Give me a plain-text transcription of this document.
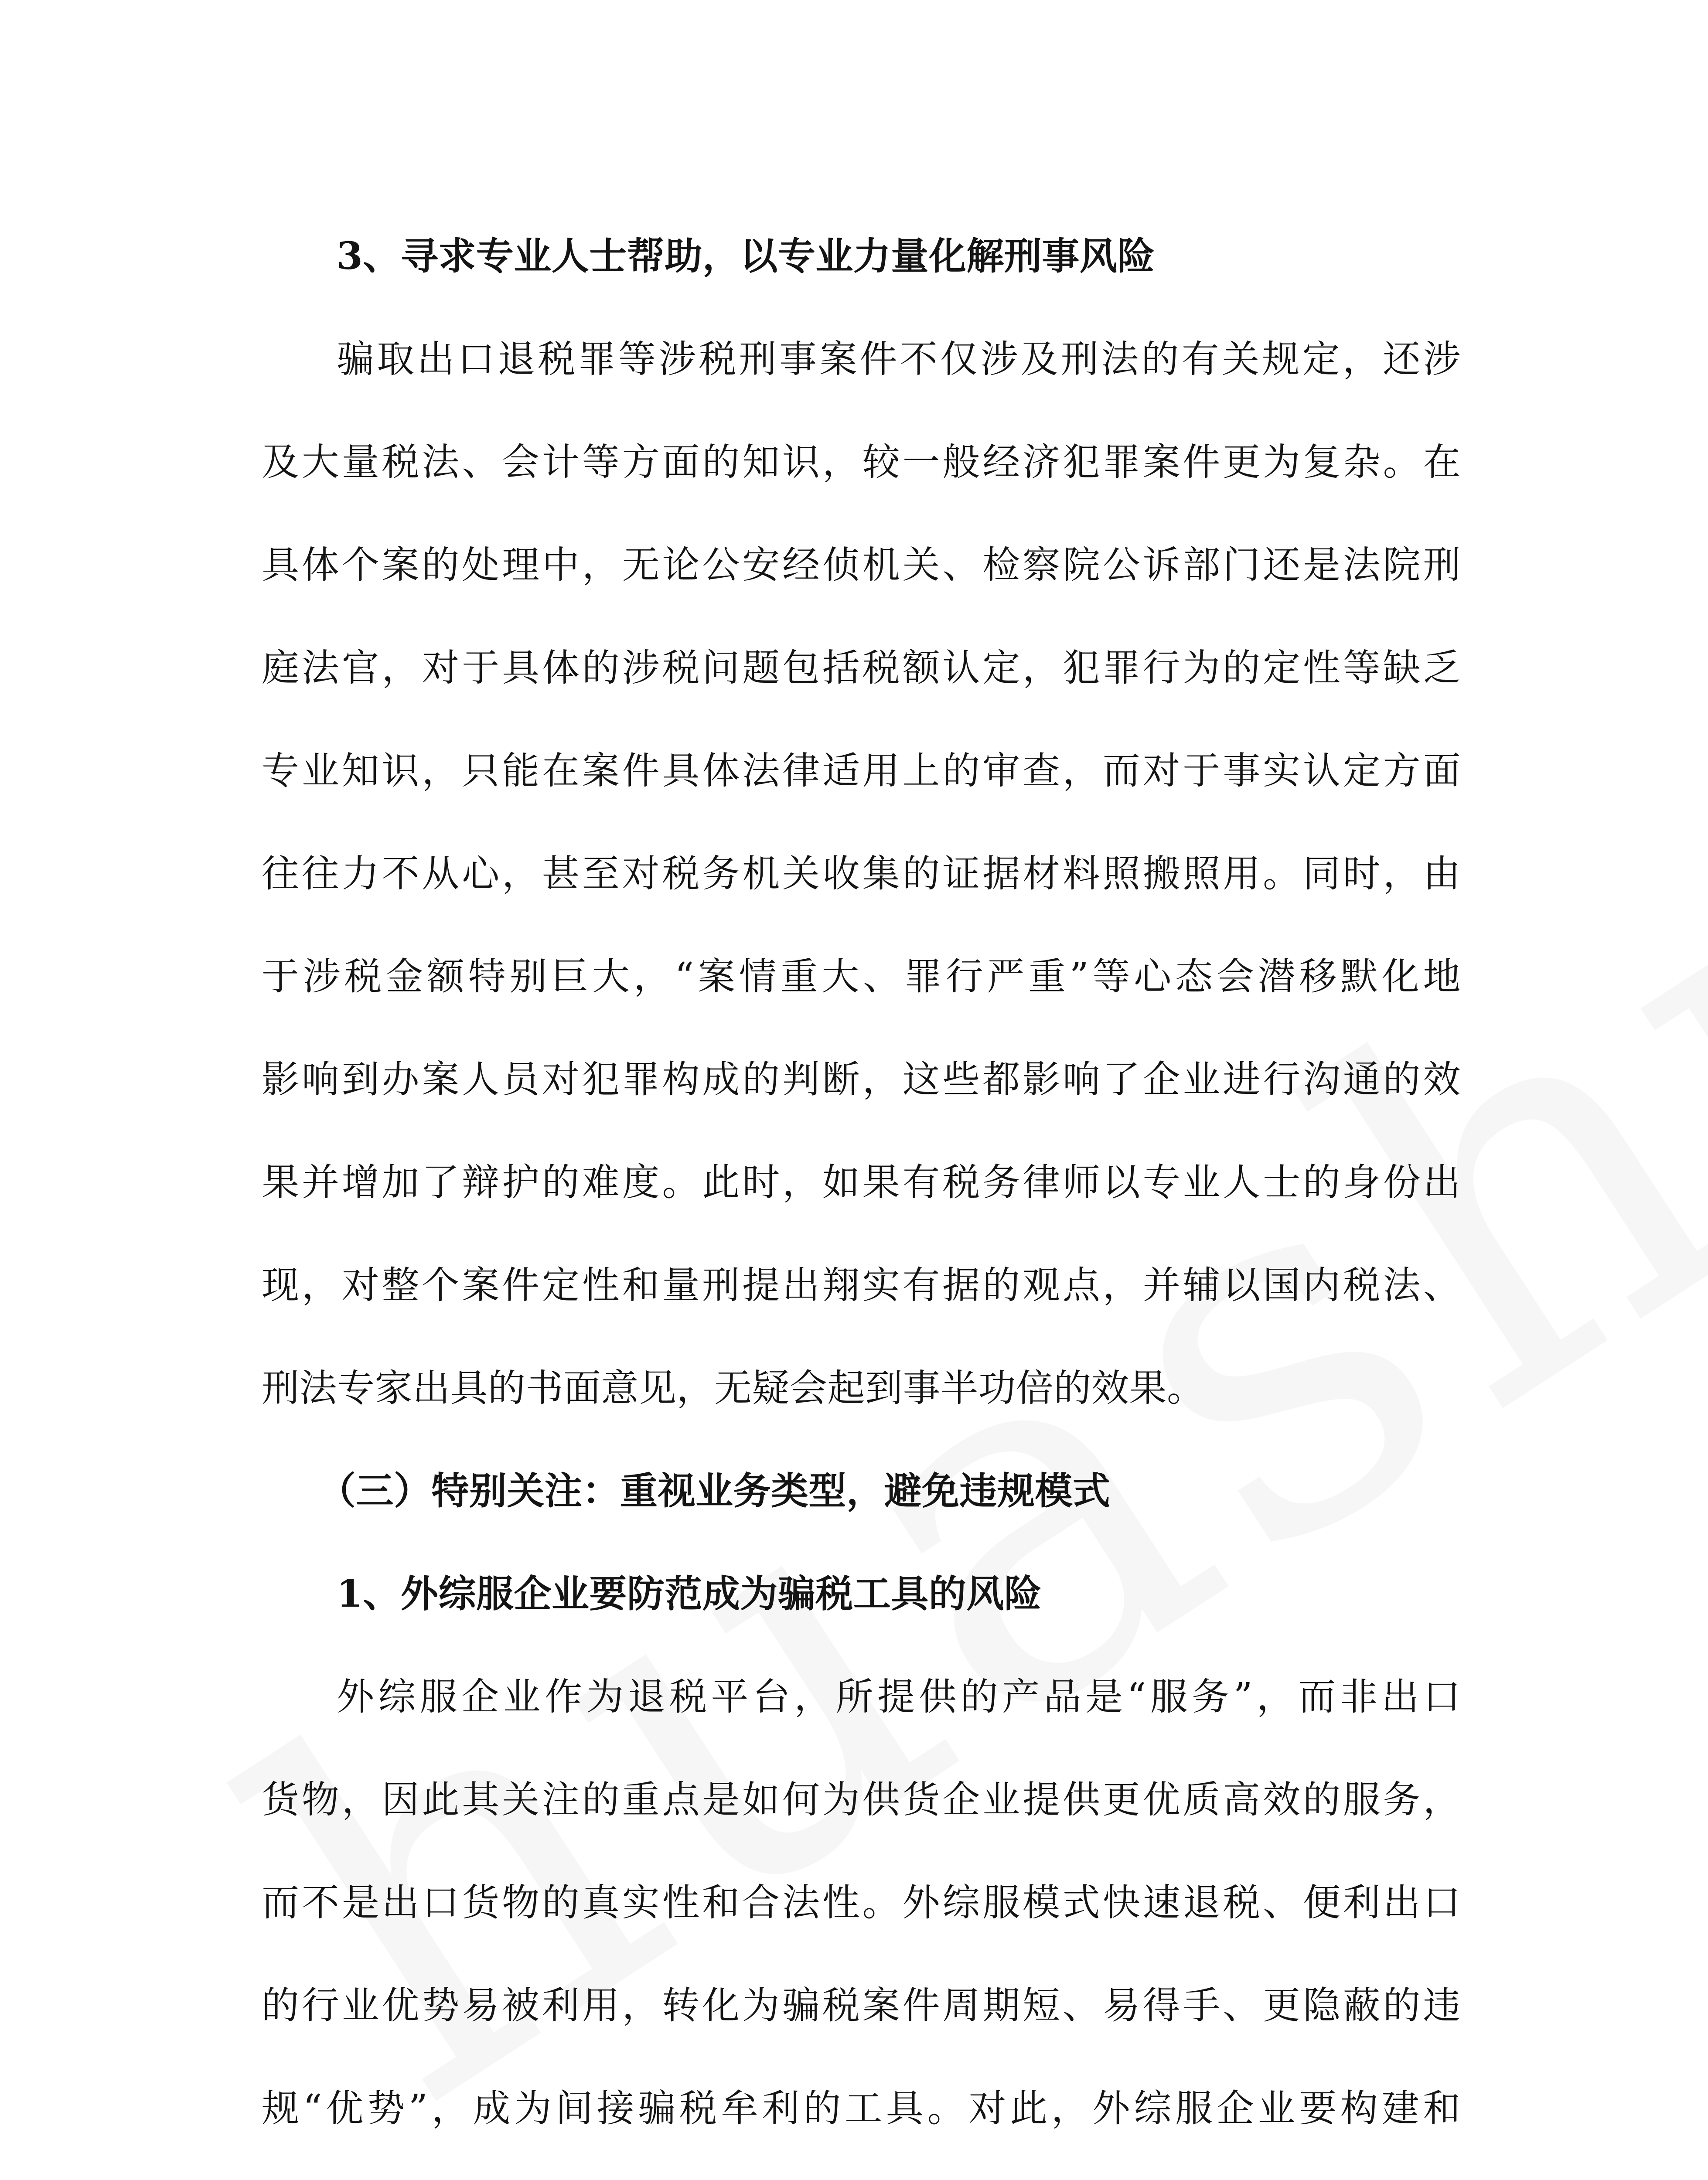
3、寻求专业人士帮助，以专业力量化解刑事风险
骗取出口退税罪等涉税刑事案件不仅涉及刑法的有关规定，还涉
及大量税法、会计等方面的知识，较一般经济犯罪案件更为复杂。在
具体个案的处理中，无论公安经侦机关、检察院公诉部门还是法院刑
庭法官，对于具体的涉税问题包括税额认定，犯罪行为的定性等缺乏
专业知识，只能在案件具体法律适用上的审查，而对于事实认定方面
往往力不从心，甚至对税务机关收集的证据材料照搬照用。同时，由
于涉税金额特别巨大，“案情重大、罪行严重”等心态会潜移默化地
影响到办案人员对犯罪构成的判断，这些都影响了企业进行沟通的效
果并增加了辩护的难度。此时，如果有税务律师以专业人士的身份出
现，对整个案件定性和量刑提出翔实有据的观点，并辅以国内税法、
刑法专家出具的书面意见，无疑会起到事半功倍的效果。
（三）特别关注：重视业务类型，避免违规模式
1、外综服企业要防范成为骗税工具的风险
外综服企业作为退税平台，所提供的产品是“服务”，而非出口
货物，因此其关注的重点是如何为供货企业提供更优质高效的服务，
而不是出口货物的真实性和合法性。外综服模式快速退税、便利出口
的行业优势易被利用，转化为骗税案件周期短、易得手、更隐蔽的违
规“优势”，成为间接骗税牟利的工具。对此，外综服企业要构建和
